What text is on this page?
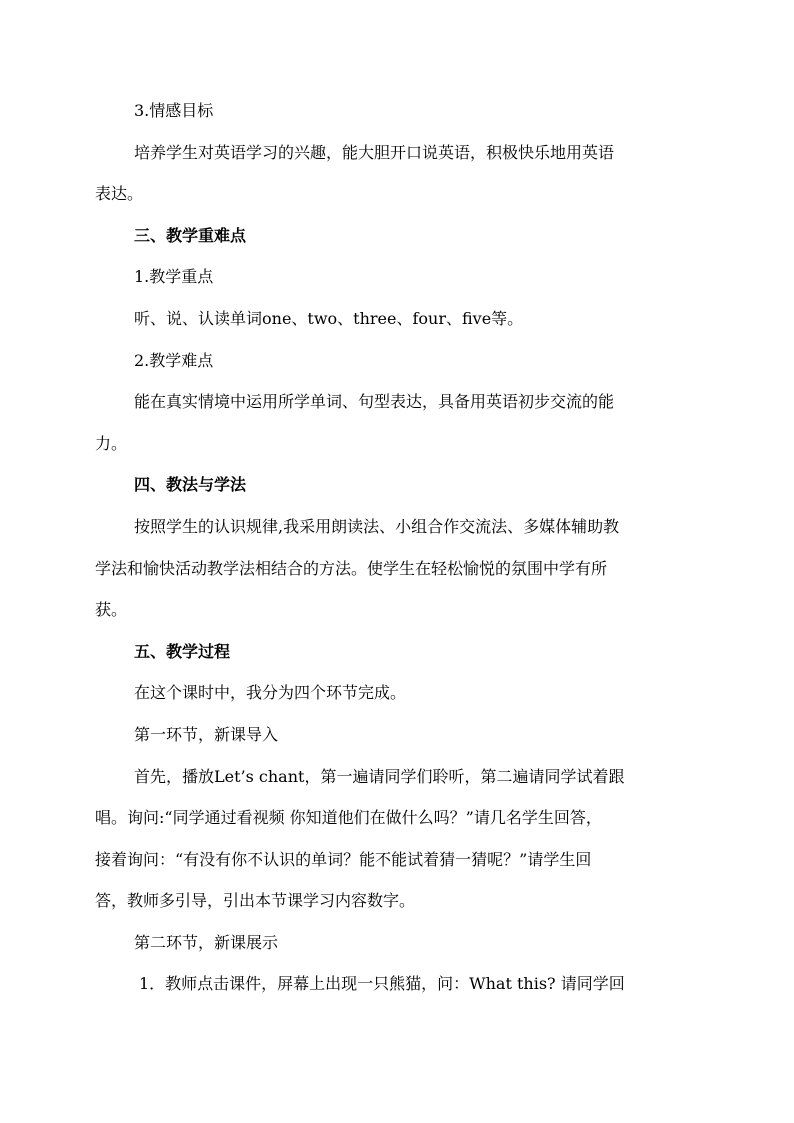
3.情感目标
培养学生对英语学习的兴趣，能大胆开口说英语，积极快乐地用英语
表达。
三、教学重难点
1.教学重点
听、说、认读单词one、two、three、four、five等。
2.教学难点
能在真实情境中运用所学单词、句型表达，具备用英语初步交流的能
力。
四、教法与学法
按照学生的认识规律,我采用朗读法、小组合作交流法、多媒体辅助教
学法和愉快活动教学法相结合的方法。使学生在轻松愉悦的氛围中学有所
获。
五、教学过程
在这个课时中，我分为四个环节完成。
第一环节，新课导入
首先，播放Let’s chant，第一遍请同学们聆听，第二遍请同学试着跟
唱。询问:“同学通过看视频 你知道他们在做什么吗？”请几名学生回答，
接着询问：“有没有你不认识的单词？能不能试着猜一猜呢？”请学生回
答，教师多引导，引出本节课学习内容数字。
第二环节，新课展示
1．教师点击课件，屏幕上出现一只熊猫，问：What this? 请同学回
